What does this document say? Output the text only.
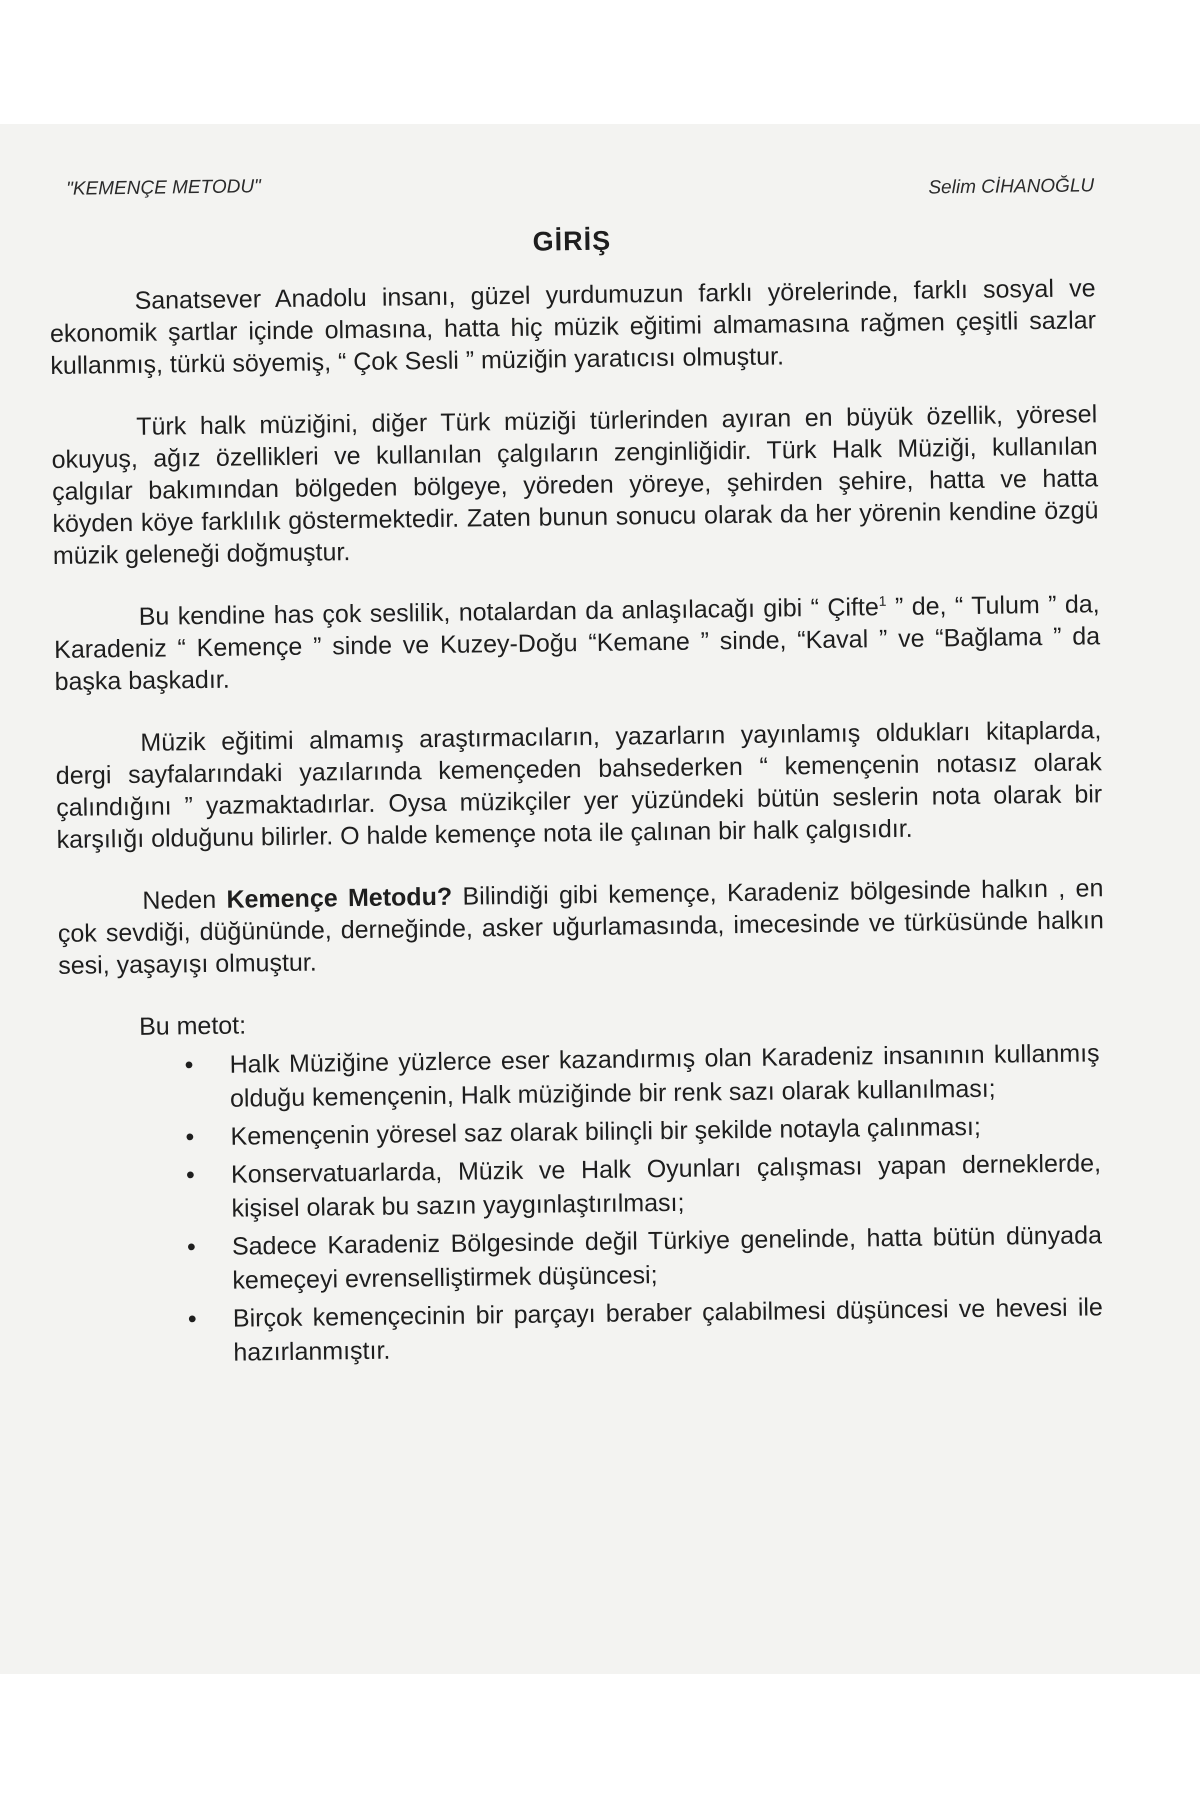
"KEMENÇE METODU"	Selim CİHANOĞLU
GİRİŞ

Sanatsever Anadolu insanı, güzel yurdumuzun farklı yörelerinde, farklı sosyal ve ekonomik şartlar içinde olmasına, hatta hiç müzik eğitimi almamasına rağmen çeşitli sazlar kullanmış, türkü söyemiş, “ Çok Sesli ” müziğin yaratıcısı olmuştur.

Türk halk müziğini, diğer Türk müziği türlerinden ayıran en büyük özellik, yöresel okuyuş, ağız özellikleri ve kullanılan çalgıların zenginliğidir. Türk Halk Müziği, kullanılan çalgılar bakımından bölgeden bölgeye, yöreden yöreye, şehirden şehire, hatta ve hatta köyden köye farklılık göstermektedir. Zaten bunun sonucu olarak da her yörenin kendine özgü müzik geleneği doğmuştur.

Bu kendine has çok seslilik, notalardan da anlaşılacağı gibi “ Çifte$^1$ ” de, “ Tulum ” da, Karadeniz “ Kemençe ” sinde ve Kuzey-Doğu “Kemane ” sinde, “Kaval ” ve “Bağlama ” da başka başkadır.

Müzik eğitimi almamış araştırmacıların, yazarların yayınlamış oldukları kitaplarda, dergi sayfalarındaki yazılarında kemençeden bahsederken “ kemençenin notasız olarak çalındığını ” yazmaktadırlar. Oysa müzikçiler yer yüzündeki bütün seslerin nota olarak bir karşılığı olduğunu bilirler. O halde kemençe nota ile çalınan bir halk çalgısıdır.

Neden Kemençe Metodu? Bilindiği gibi kemençe, Karadeniz bölgesinde halkın , en çok sevdiği, düğününde, derneğinde, asker uğurlamasında, imecesinde ve türküsünde halkın sesi, yaşayışı olmuştur.

Bu metot:
• Halk Müziğine yüzlerce eser kazandırmış olan Karadeniz insanının kullanmış olduğu kemençenin, Halk müziğinde bir renk sazı olarak kullanılması;
• Kemençenin yöresel saz olarak bilinçli bir şekilde notayla çalınması;
• Konservatuarlarda, Müzik ve Halk Oyunları çalışması yapan derneklerde, kişisel olarak bu sazın yaygınlaştırılması;
• Sadece Karadeniz Bölgesinde değil Türkiye genelinde, hatta bütün dünyada kemeçeyi evrenselliştirmek düşüncesi;
• Birçok kemençecinin bir parçayı beraber çalabilmesi düşüncesi ve hevesi ile hazırlanmıştır.
